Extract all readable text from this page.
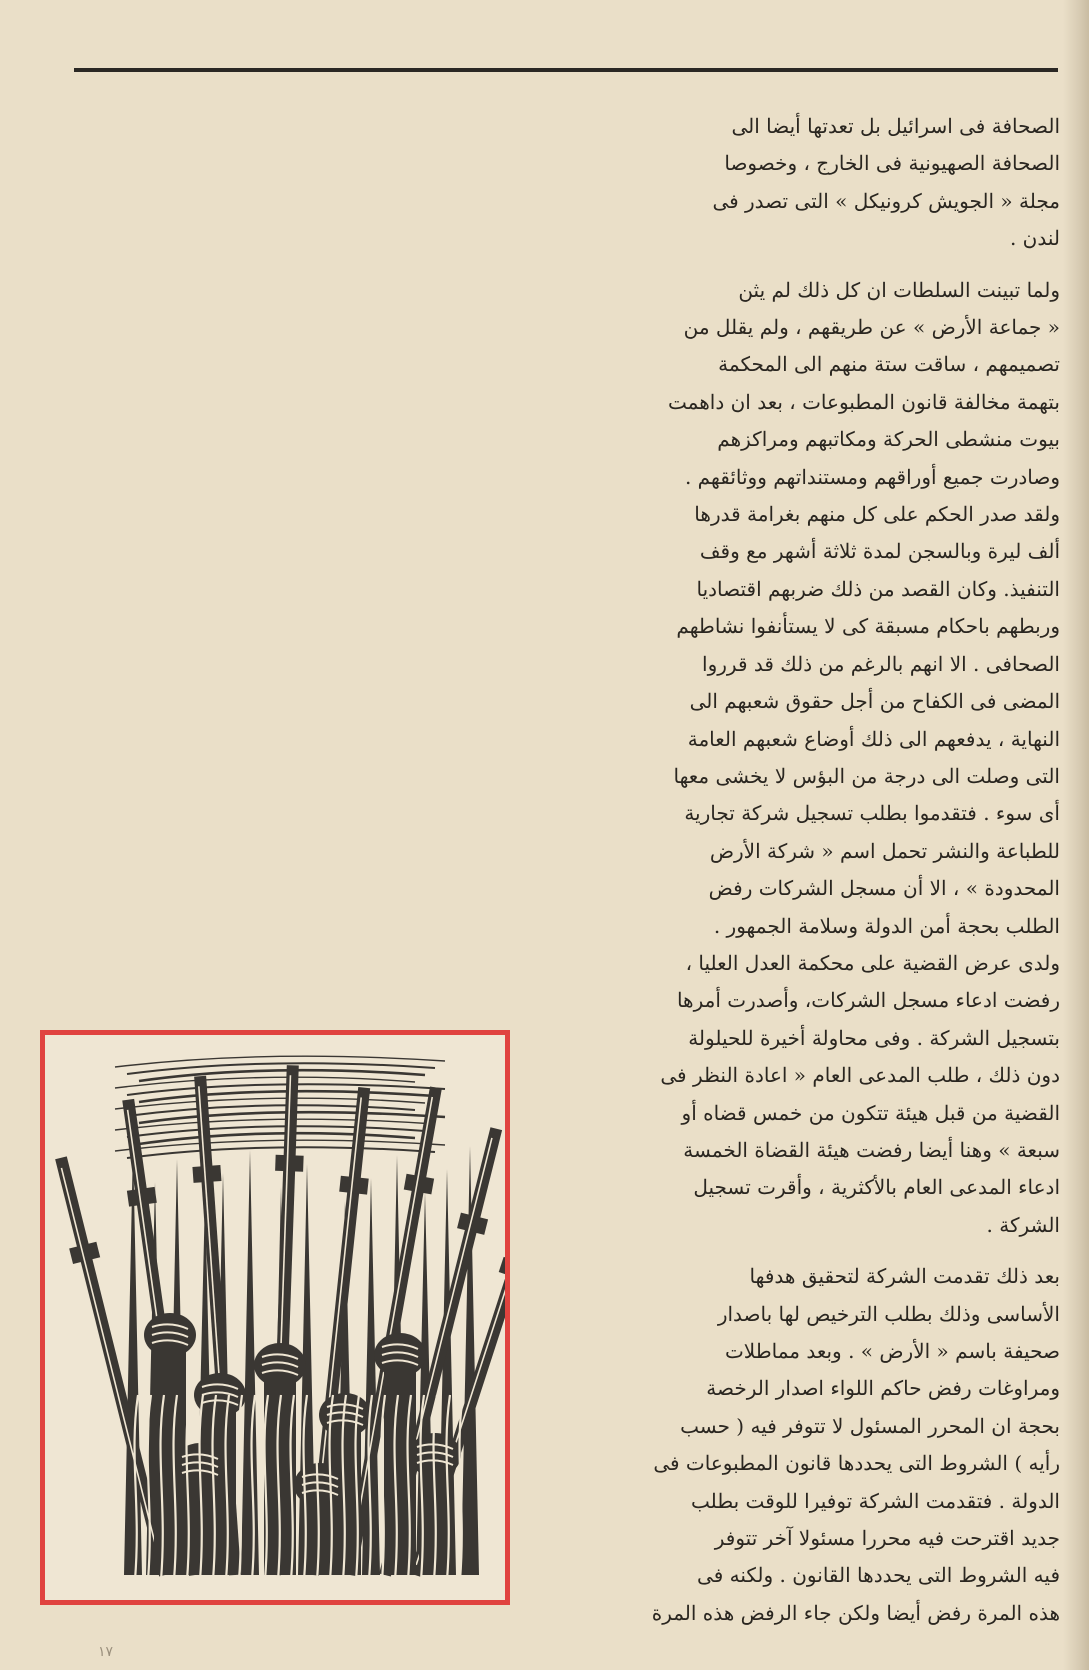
الصحافة فى اسرائيل بل تعدتها أيضا الى
الصحافة الصهيونية فى الخارج ، وخصوصا
مجلة « الجويش كرونيكل » التى تصدر فى
لندن .

ولما تبينت السلطات ان كل ذلك لم يثن
« جماعة الأرض » عن طريقهم ، ولم يقلل من
تصميمهم ، ساقت ستة منهم الى المحكمة
بتهمة مخالفة قانون المطبوعات ، بعد ان داهمت
بيوت منشطى الحركة ومكاتبهم ومراكزهم
وصادرت جميع أوراقهم ومستنداتهم ووثائقهم .
ولقد صدر الحكم على كل منهم بغرامة قدرها
ألف ليرة وبالسجن لمدة ثلاثة أشهر مع وقف
التنفيذ. وكان القصد من ذلك ضربهم اقتصاديا
وربطهم باحكام مسبقة كى لا يستأنفوا نشاطهم
الصحافى . الا انهم بالرغم من ذلك قد قرروا
المضى فى الكفاح من أجل حقوق شعبهم الى
النهاية ، يدفعهم الى ذلك أوضاع شعبهم العامة
التى وصلت الى درجة من البؤس لا يخشى معها
أى سوء . فتقدموا بطلب تسجيل شركة تجارية
للطباعة والنشر تحمل اسم « شركة الأرض
المحدودة » ، الا أن مسجل الشركات رفض
الطلب بحجة أمن الدولة وسلامة الجمهور .
ولدى عرض القضية على محكمة العدل العليا ،
رفضت ادعاء مسجل الشركات، وأصدرت أمرها
بتسجيل الشركة . وفى محاولة أخيرة للحيلولة
دون ذلك ، طلب المدعى العام « اعادة النظر فى
القضية من قبل هيئة تتكون من خمس قضاه أو
سبعة » وهنا أيضا رفضت هيئة القضاة الخمسة
ادعاء المدعى العام بالأكثرية ، وأقرت تسجيل
الشركة .

بعد ذلك تقدمت الشركة لتحقيق هدفها
الأساسى وذلك بطلب الترخيص لها باصدار
صحيفة باسم « الأرض » . وبعد مماطلات
ومراوغات رفض حاكم اللواء اصدار الرخصة
بحجة ان المحرر المسئول لا تتوفر فيه ( حسب
رأيه ) الشروط التى يحددها قانون المطبوعات فى
الدولة . فتقدمت الشركة توفيرا للوقت بطلب
جديد اقترحت فيه محررا مسئولا آخر تتوفر
فيه الشروط التى يحددها القانون . ولكنه فى
هذه المرة رفض أيضا ولكن جاء الرفض هذه المرة

١٧
